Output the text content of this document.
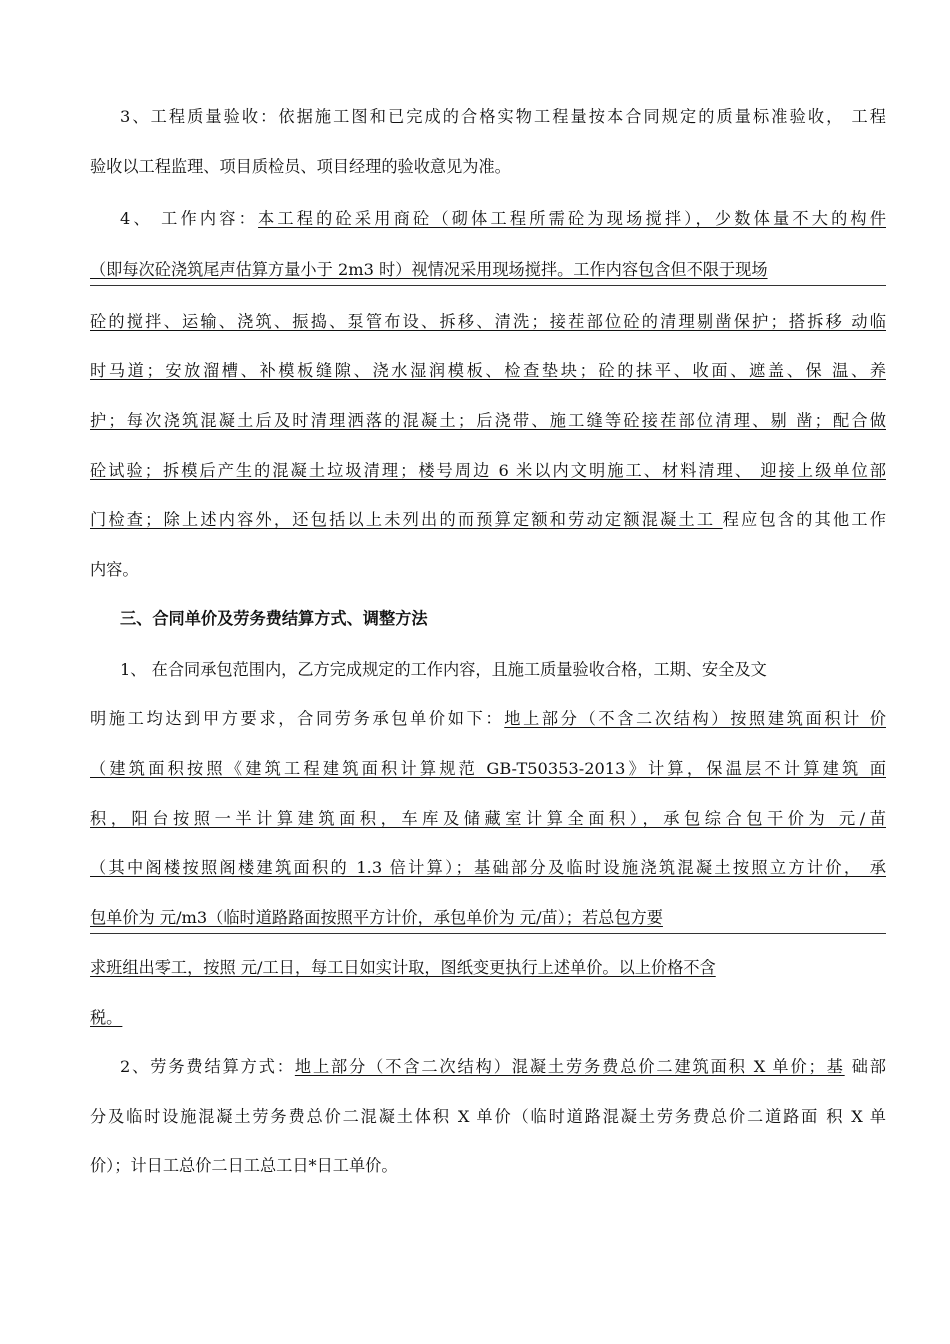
3、工程质量验收：依据施工图和已完成的合格实物工程量按本合同规定的质量标准验收， 工程
验收以工程监理、项目质检员、项目经理的验收意见为准。
4、 工作内容：本工程的砼采用商砼（砌体工程所需砼为现场搅拌），少数体量不大的构件
（即每次砼浇筑尾声估算方量小于 2m3 时）视情况采用现场搅拌。工作内容包含但不限于现场
砼的搅拌、运输、浇筑、振捣、泵管布设、拆移、清洗；接茬部位砼的清理剔凿保护；搭拆移 动临
时马道；安放溜槽、补模板缝隙、浇水湿润模板、检查垫块；砼的抹平、收面、遮盖、保 温、养
护；每次浇筑混凝土后及时清理洒落的混凝土；后浇带、施工缝等砼接茬部位清理、剔 凿；配合做
砼试验；拆模后产生的混凝土垃圾清理；楼号周边 6 米以内文明施工、材料清理、 迎接上级单位部
门检查；除上述内容外，还包括以上未列出的而预算定额和劳动定额混凝土工 程应包含的其他工作
内容。
三、合同单价及劳务费结算方式、调整方法
1、 在合同承包范围内，乙方完成规定的工作内容，且施工质量验收合格，工期、安全及文
明施工均达到甲方要求，合同劳务承包单价如下：地上部分（不含二次结构）按照建筑面积计 价
（建筑面积按照《建筑工程建筑面积计算规范 GB-T50353-2013》计算，保温层不计算建筑 面
积，阳台按照一半计算建筑面积，车库及储藏室计算全面积），承包综合包干价为 元/苗
（其中阁楼按照阁楼建筑面积的 1.3 倍计算）；基础部分及临时设施浇筑混凝土按照立方计价， 承
包单价为 元/m3（临时道路路面按照平方计价，承包单价为 元/苗）；若总包方要
求班组出零工，按照 元/工日，每工日如实计取，图纸变更执行上述单价。以上价格不含
税。
2、劳务费结算方式：地上部分（不含二次结构）混凝土劳务费总价二建筑面积 X 单价；基 础部
分及临时设施混凝土劳务费总价二混凝土体积 X 单价（临时道路混凝土劳务费总价二道路面 积 X 单
价）；计日工总价二日工总工日*日工单价。
